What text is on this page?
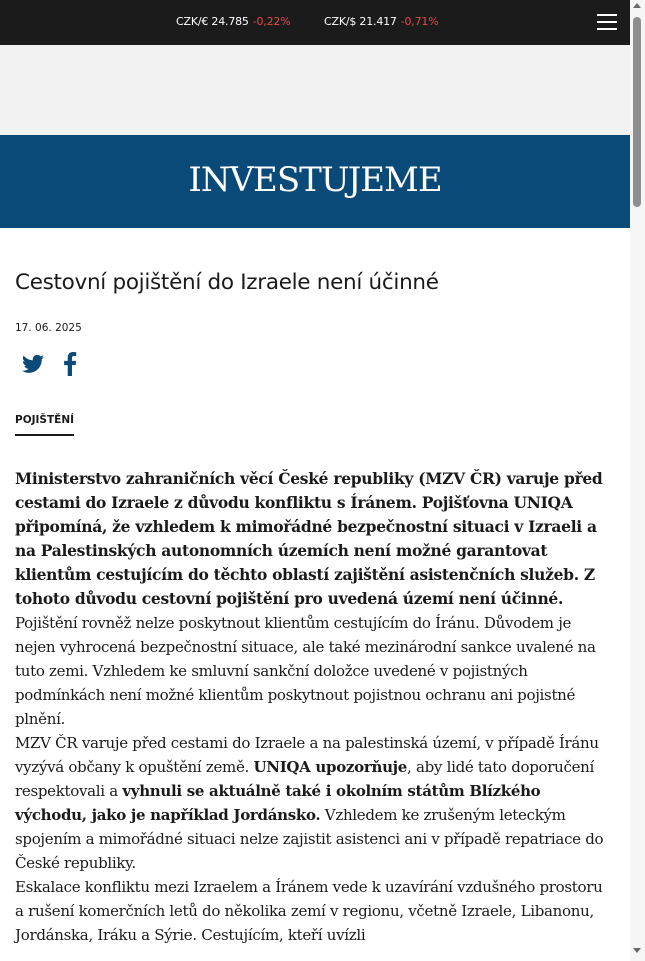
CZK/€ 24.785 -0,22%	CZK/$ 21.417 -0,71%
INVESTUJEME
Cestovní pojištění do Izraele není účinné
17. 06. 2025
POJIŠTĚNÍ

Ministerstvo zahraničních věcí České republiky (MZV ČR) varuje před cestami do Izraele z důvodu konfliktu s Íránem. Pojišťovna UNIQA připomíná, že vzhledem k mimořádné bezpečnostní situaci v Izraeli a na Palestinských autonomních územích není možné garantovat klientům cestujícím do těchto oblastí zajištění asistenčních služeb. Z tohoto důvodu cestovní pojištění pro uvedená území není účinné.

Pojištění rovněž nelze poskytnout klientům cestujícím do Íránu. Důvodem je nejen vyhrocená bezpečnostní situace, ale také mezinárodní sankce uvalené na tuto zemi. Vzhledem ke smluvní sankční doložce uvedené v pojistných podmínkách není možné klientům poskytnout pojistnou ochranu ani pojistné plnění.

MZV ČR varuje před cestami do Izraele a na palestinská území, v případě Íránu vyzývá občany k opuštění země. UNIQA upozorňuje, aby lidé tato doporučení respektovali a vyhnuli se aktuálně také i okolním státům Blízkého východu, jako je například Jordánsko. Vzhledem ke zrušeným leteckým spojením a mimořádné situaci nelze zajistit asistenci ani v případě repatriace do České republiky.

Eskalace konfliktu mezi Izraelem a Íránem vede k uzavírání vzdušného prostoru a rušení komerčních letů do několika zemí v regionu, včetně Izraele, Libanonu, Jordánska, Iráku a Sýrie. Cestujícím, kteří uvízli
